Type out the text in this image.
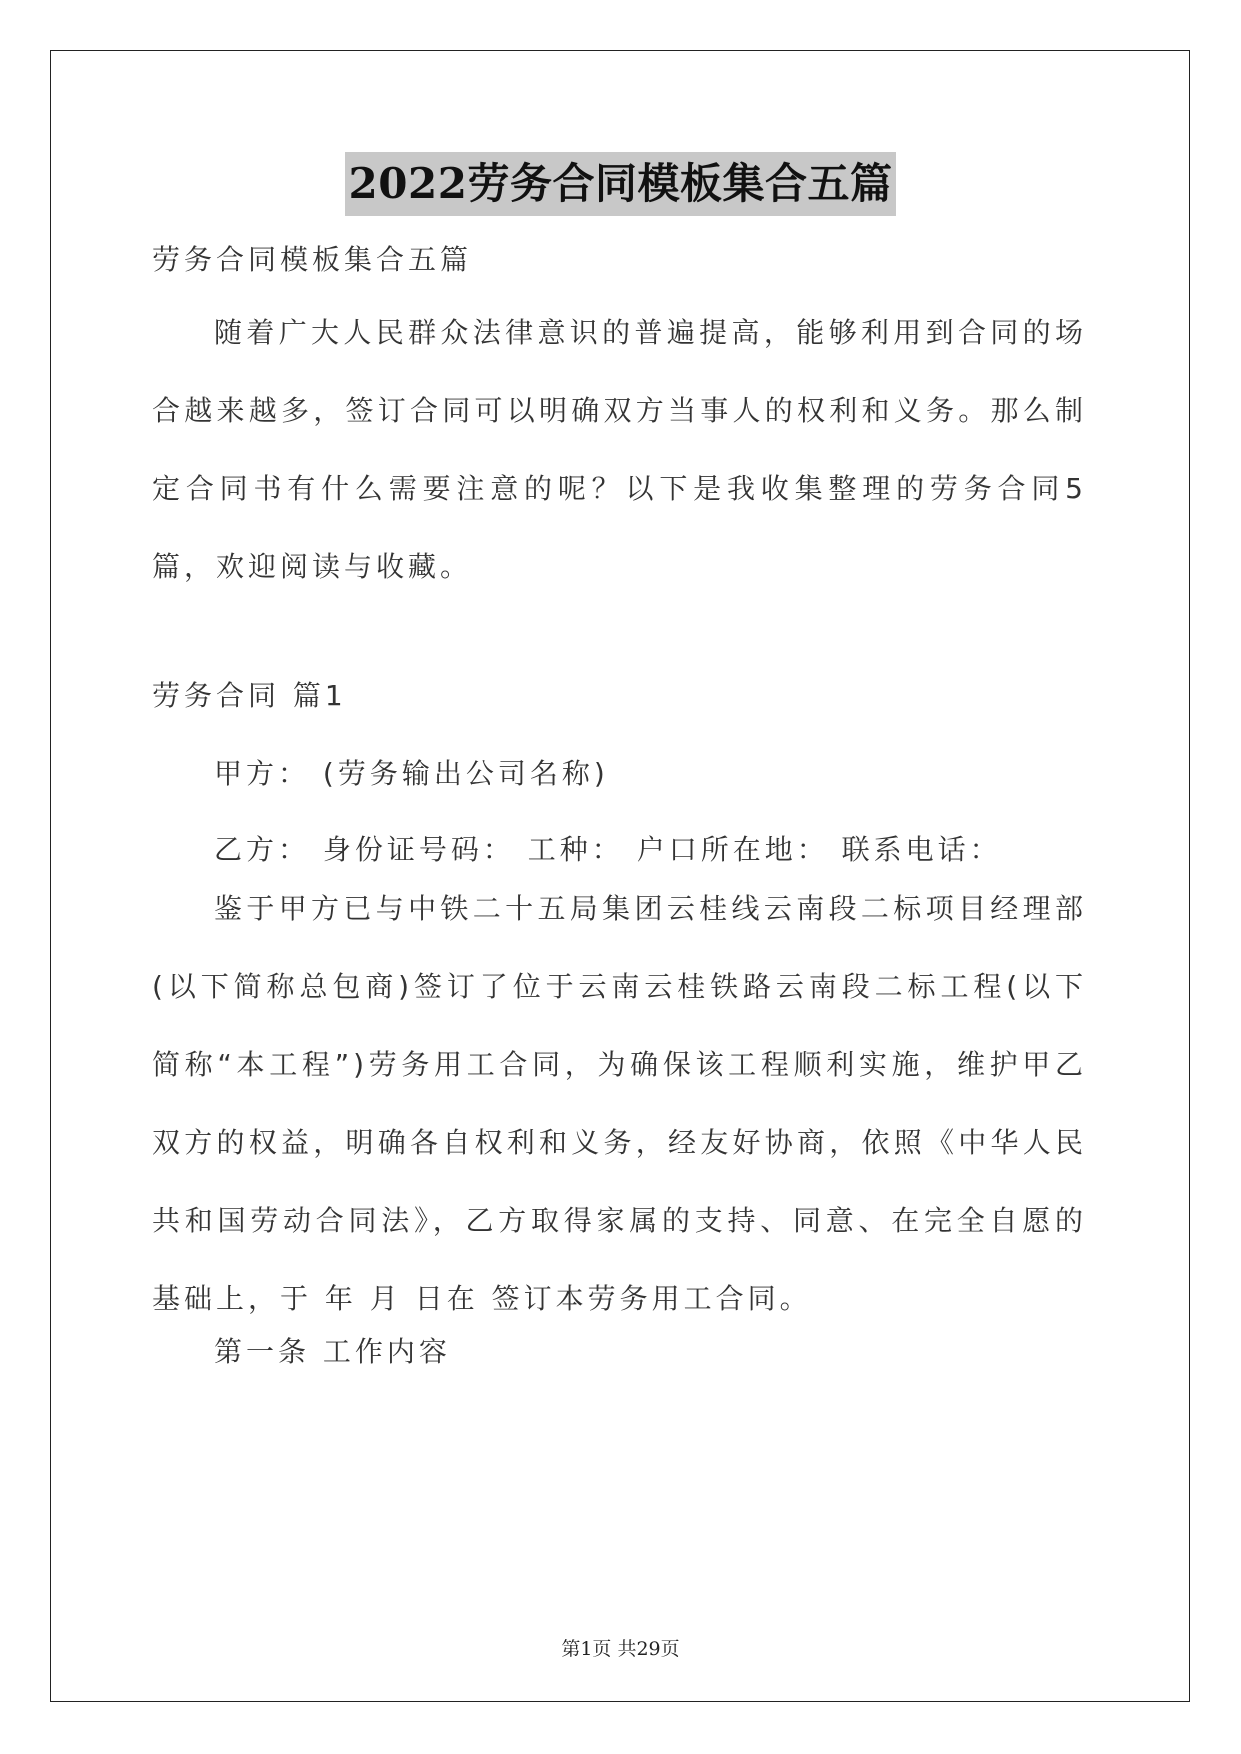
2022劳务合同模板集合五篇

劳务合同模板集合五篇

随着广大人民群众法律意识的普遍提高，能够利用到合同的场合越来越多，签订合同可以明确双方当事人的权利和义务。那么制定合同书有什么需要注意的呢？以下是我收集整理的劳务合同5篇，欢迎阅读与收藏。

劳务合同 篇1

甲方： (劳务输出公司名称)

乙方： 身份证号码： 工种： 户口所在地： 联系电话：

鉴于甲方已与中铁二十五局集团云桂线云南段二标项目经理部(以下简称总包商)签订了位于云南云桂铁路云南段二标工程(以下简称“本工程”)劳务用工合同，为确保该工程顺利实施，维护甲乙双方的权益，明确各自权利和义务，经友好协商，依照《中华人民共和国劳动合同法》，乙方取得家属的支持、同意、在完全自愿的基础上，于 年 月 日在 签订本劳务用工合同。

第一条 工作内容

第1页 共29页
